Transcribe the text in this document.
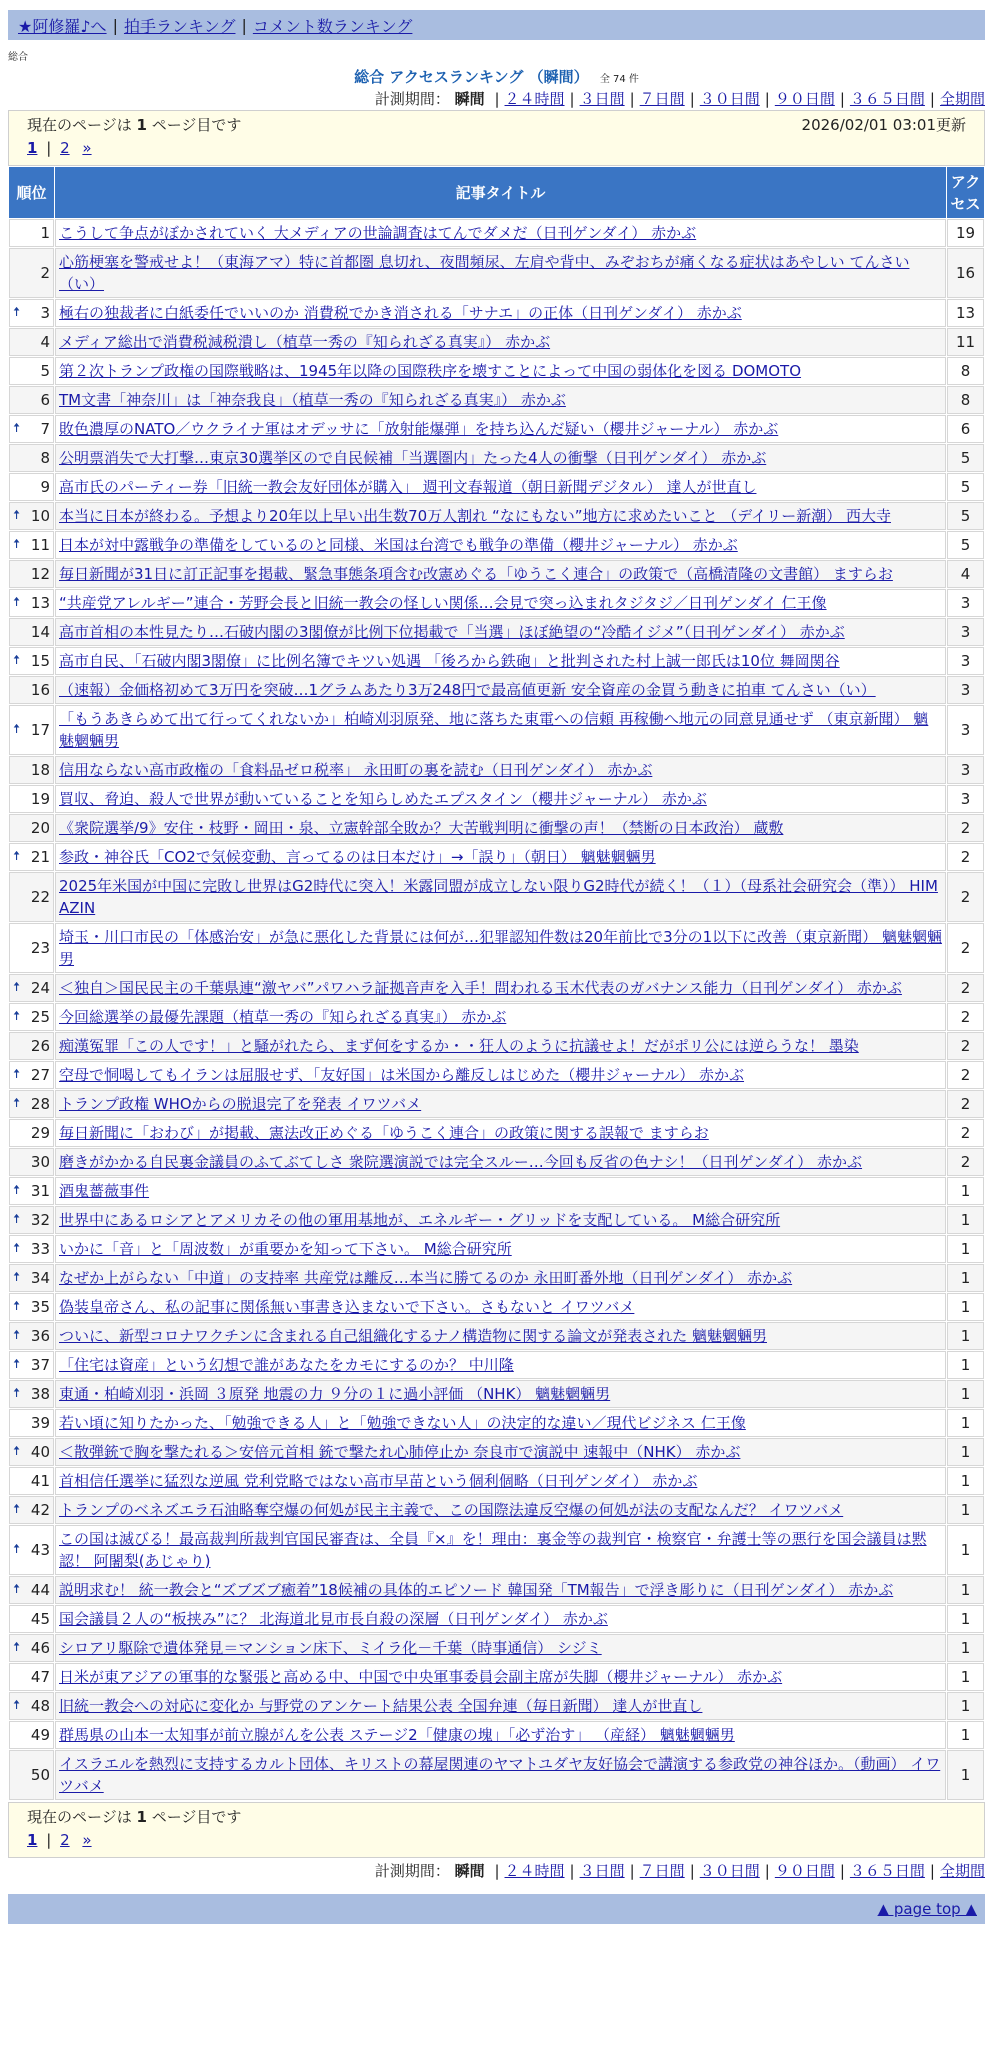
★阿修羅♪へ | 拍手ランキング | コメント数ランキング
総合
総合 アクセスランキング （瞬間） 全 74 件
計測期間： 瞬間 | ２４時間 | ３日間 | ７日間 | ３０日間 | ９０日間 | ３６５日間 | 全期間
現在のページは 1 ページ目です	2026/02/01 03:01更新
1 | 2 »
順位	記事タイトル	アクセス
1	こうして争点がぼかされていく 大メディアの世論調査はてんでダメだ（日刊ゲンダイ） 赤かぶ	19
2	心筋梗塞を警戒せよ！（東海アマ）特に首都圏 息切れ、夜間頻尿、左肩や背中、みぞおちが痛くなる症状はあやしい てんさい（い）	16

🠅 3	極右の独裁者に白紙委任でいいのか 消費税でかき消される「サナエ」の正体（日刊ゲンダイ） 赤かぶ	13
4	メディア総出で消費税減税潰し（植草一秀の『知られざる真実』） 赤かぶ	11
5	第２次トランプ政権の国際戦略は、1945年以降の国際秩序を壊すことによって中国の弱体化を図る DOMOTO	8
6	TM文書「神奈川」は「神奈我良」（植草一秀の『知られざる真実』） 赤かぶ	8

🠅 7	敗色濃厚のNATO／ウクライナ軍はオデッサに「放射能爆弾」を持ち込んだ疑い（櫻井ジャーナル） 赤かぶ	6
8	公明票消失で大打撃…東京30選挙区ので自民候補「当選圏内」たった4人の衝撃（日刊ゲンダイ） 赤かぶ	5
9	高市氏のパーティー券「旧統一教会友好団体が購入」 週刊文春報道（朝日新聞デジタル） 達人が世直し	5

🠅 10	本当に日本が終わる。予想より20年以上早い出生数70万人割れ “なにもない”地方に求めたいこと （デイリー新潮） 西大寺	5

🠅 11	日本が対中露戦争の準備をしているのと同様、米国は台湾でも戦争の準備（櫻井ジャーナル） 赤かぶ	5
12	毎日新聞が31日に訂正記事を掲載、緊急事態条項含む改憲めぐる「ゆうこく連合」の政策で（高橋清隆の文書館） ますらお	4

🠅 13	“共産党アレルギー”連合・芳野会長と旧統一教会の怪しい関係…会見で突っ込まれタジタジ／日刊ゲンダイ 仁王像	3
14	高市首相の本性見たり…石破内閣の3閣僚が比例下位掲載で「当選」ほぼ絶望の“冷酷イジメ”（日刊ゲンダイ） 赤かぶ	3

🠅 15	高市自民、「石破内閣3閣僚」に比例名簿でキツい処遇 「後ろから鉄砲」と批判された村上誠一郎氏は10位 舞岡関谷	3
16	（速報）金価格初めて3万円を突破…1グラムあたり3万248円で最高値更新 安全資産の金買う動きに拍車 てんさい（い）	3

🠅 17	「もうあきらめて出て行ってくれないか」柏崎刈羽原発、地に落ちた東電への信頼 再稼働へ地元の同意見通せず （東京新聞） 魑魅魍魎男	3
18	信用ならない高市政権の「食料品ゼロ税率」 永田町の裏を読む（日刊ゲンダイ） 赤かぶ	3
19	買収、脅迫、殺人で世界が動いていることを知らしめたエプスタイン（櫻井ジャーナル） 赤かぶ	3
20	《衆院選挙/9》安住・枝野・岡田・泉、立憲幹部全敗か？大苦戦判明に衝撃の声！（禁断の日本政治） 蔵敷	2

🠅 21	参政・神谷氏「CO2で気候変動、言ってるのは日本だけ」→「誤り」（朝日） 魑魅魍魎男	2
22	2025年米国が中国に完敗し世界はG2時代に突入！米露同盟が成立しない限りG2時代が続く！（１）（母系社会研究会（準）） HIMAZIN	2
23	埼玉・川口市民の「体感治安」が急に悪化した背景には何が…犯罪認知件数は20年前比で3分の1以下に改善（東京新聞） 魑魅魍魎男	2

🠅 24	＜独自＞国民民主の千葉県連“激ヤバ”パワハラ証拠音声を入手！問われる玉木代表のガバナンス能力（日刊ゲンダイ） 赤かぶ	2

🠅 25	今回総選挙の最優先課題（植草一秀の『知られざる真実』） 赤かぶ	2
26	痴漢冤罪「この人です！」と騒がれたら、まず何をするか・・狂人のように抗議せよ！だがポリ公には逆らうな！ 墨染	2

🠅 27	空母で恫喝してもイランは屈服せず、「友好国」は米国から離反しはじめた（櫻井ジャーナル） 赤かぶ	2

🠅 28	トランプ政権 WHOからの脱退完了を発表 イワツバメ	2
29	毎日新聞に「おわび」が掲載、憲法改正めぐる「ゆうこく連合」の政策に関する誤報で ますらお	2
30	磨きがかかる自民裏金議員のふてぶてしさ 衆院選演説では完全スルー…今回も反省の色ナシ！（日刊ゲンダイ） 赤かぶ	2

🠅 31	酒鬼薔薇事件	1

🠅 32	世界中にあるロシアとアメリカその他の軍用基地が、エネルギー・グリッドを支配している。 M総合研究所	1

🠅 33	いかに「音」と「周波数」が重要かを知って下さい。 M総合研究所	1

🠅 34	なぜか上がらない「中道」の支持率 共産党は離反…本当に勝てるのか 永田町番外地（日刊ゲンダイ） 赤かぶ	1

🠅 35	偽装皇帝さん、私の記事に関係無い事書き込まないで下さい。さもないと イワツバメ	1

🠅 36	ついに、新型コロナワクチンに含まれる自己組織化するナノ構造物に関する論文が発表された 魑魅魍魎男	1

🠅 37	「住宅は資産」という幻想で誰があなたをカモにするのか？ 中川隆	1

🠅 38	東通・柏崎刈羽・浜岡 ３原発 地震の力 ９分の１に過小評価 （NHK） 魑魅魍魎男	1
39	若い頃に知りたかった、「勉強できる人」と「勉強できない人」の決定的な違い／現代ビジネス 仁王像	1

🠅 40	＜散弾銃で胸を撃たれる＞安倍元首相 銃で撃たれ心肺停止か 奈良市で演説中 速報中（NHK） 赤かぶ	1
41	首相信任選挙に猛烈な逆風 党利党略ではない高市早苗という個利個略（日刊ゲンダイ） 赤かぶ	1

🠅 42	トランプのベネズエラ石油略奪空爆の何処が民主主義で、この国際法違反空爆の何処が法の支配なんだ？ イワツバメ	1

🠅 43	この国は滅びる！最高裁判所裁判官国民審査は、全員『×』を！理由：裏金等の裁判官・検察官・弁護士等の悪行を国会議員は黙認！ 阿闍梨(あじゃり)	1

🠅 44	説明求む！ 統一教会と“ズブズブ癒着”18候補の具体的エピソード 韓国発「TM報告」で浮き彫りに（日刊ゲンダイ） 赤かぶ	1
45	国会議員２人の“板挟み”に？ 北海道北見市長自殺の深層（日刊ゲンダイ） 赤かぶ	1

🠅 46	シロアリ駆除で遺体発見＝マンション床下、ミイラ化－千葉（時事通信） シジミ	1
47	日米が東アジアの軍事的な緊張と高める中、中国で中央軍事委員会副主席が失脚（櫻井ジャーナル） 赤かぶ	1

🠅 48	旧統一教会への対応に変化か 与野党のアンケート結果公表 全国弁連（毎日新聞） 達人が世直し	1
49	群馬県の山本一太知事が前立腺がんを公表 ステージ2「健康の塊」「必ず治す」 （産経） 魑魅魍魎男	1
50	イスラエルを熱烈に支持するカルト団体、キリストの幕屋関連のヤマトユダヤ友好協会で講演する参政党の神谷ほか。（動画） イワツバメ	1
現在のページは 1 ページ目です
1 | 2 »
計測期間： 瞬間 | ２４時間 | ３日間 | ７日間 | ３０日間 | ９０日間 | ３６５日間 | 全期間
▲ page top ▲
